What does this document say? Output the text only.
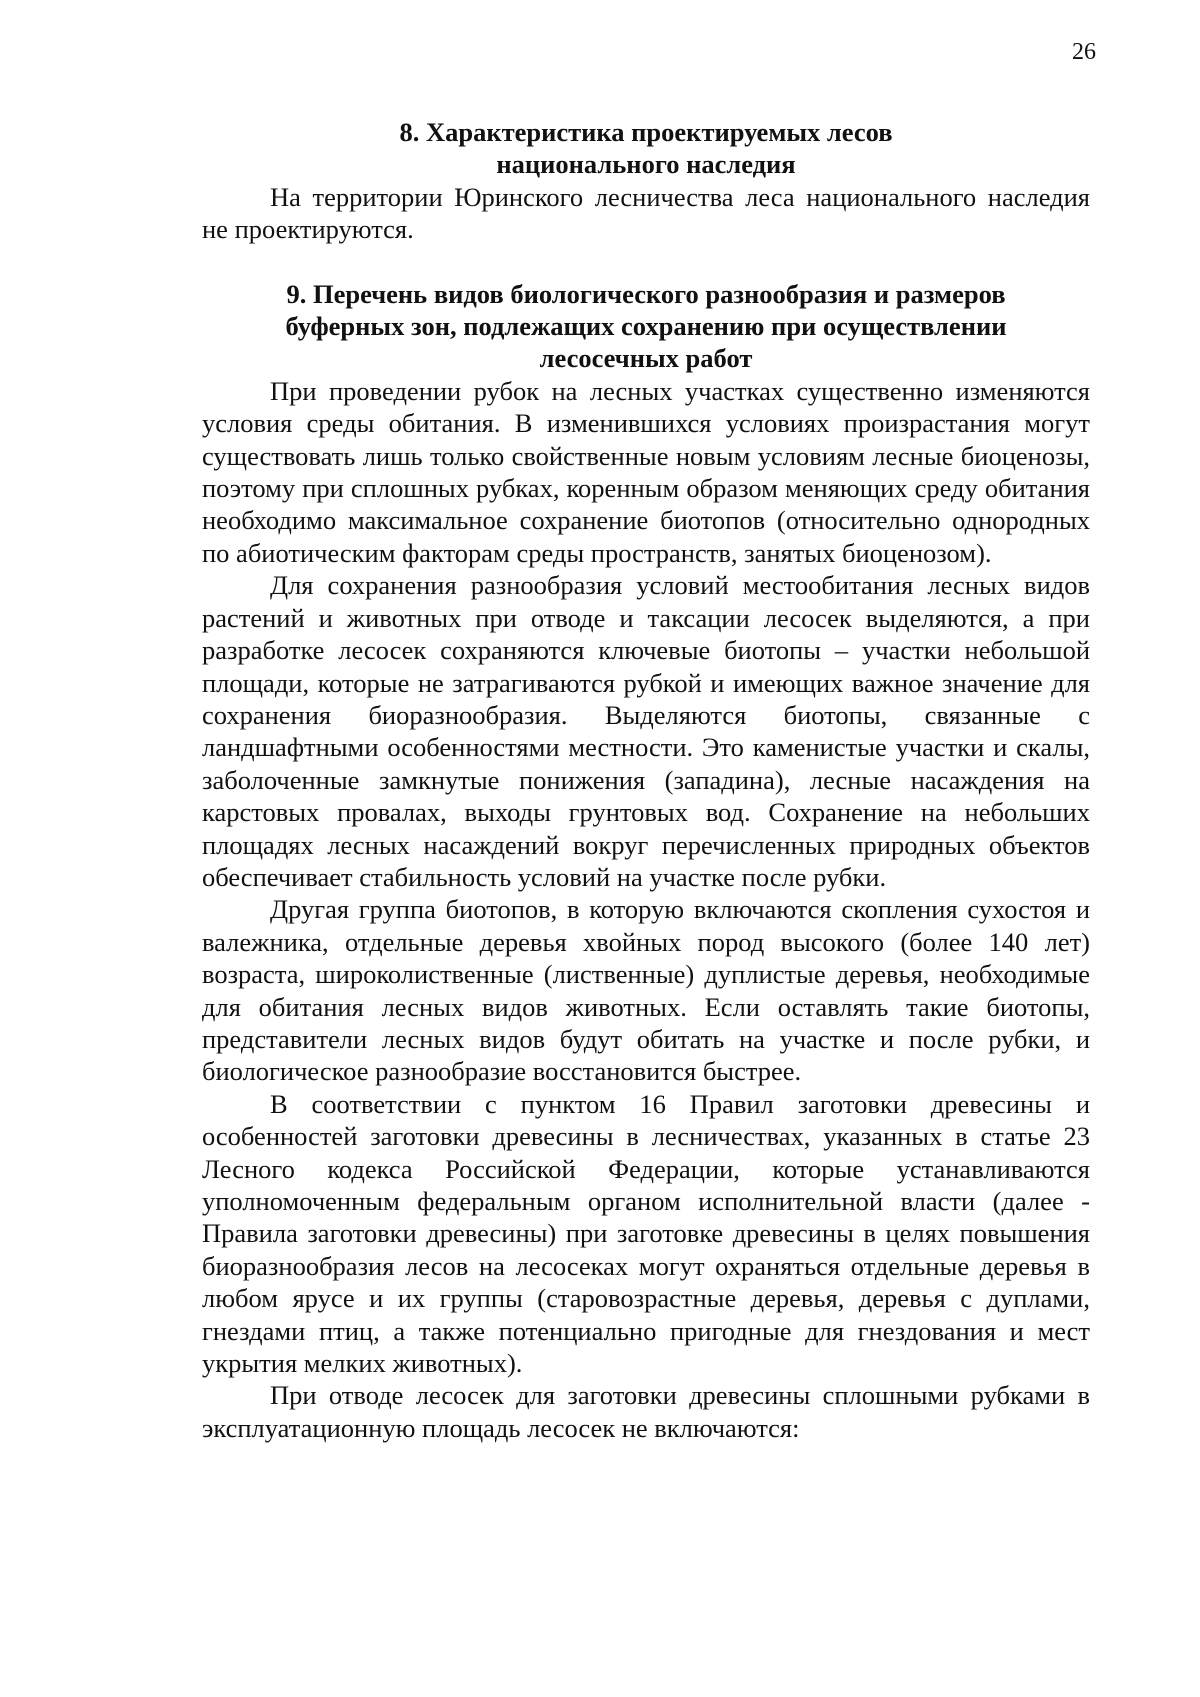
26
8. Характеристика проектируемых лесов
национального наследия

На территории Юринского лесничества леса национального наследия не проектируются.

9. Перечень видов биологического разнообразия и размеров
буферных зон, подлежащих сохранению при осуществлении
лесосечных работ

При проведении рубок на лесных участках существенно изменяются условия среды обитания. В изменившихся условиях произрастания могут существовать лишь только свойственные новым условиям лесные биоценозы, поэтому при сплошных рубках, коренным образом меняющих среду обитания необходимо максимальное сохранение биотопов (относительно однородных по абиотическим факторам среды пространств, занятых биоценозом).

Для сохранения разнообразия условий местообитания лесных видов растений и животных при отводе и таксации лесосек выделяются, а при разработке лесосек сохраняются ключевые биотопы – участки небольшой площади, которые не затрагиваются рубкой и имеющих важное значение для сохранения биоразнообразия. Выделяются биотопы, связанные с ландшафтными особенностями местности. Это каменистые участки и скалы, заболоченные замкнутые понижения (западина), лесные насаждения на карстовых провалах, выходы грунтовых вод. Сохранение на небольших площадях лесных насаждений вокруг перечисленных природных объектов обеспечивает стабильность условий на участке после рубки.

Другая группа биотопов, в которую включаются скопления сухостоя и валежника, отдельные деревья хвойных пород высокого (более 140 лет) возраста, широколиственные (лиственные) дуплистые деревья, необходимые для обитания лесных видов животных. Если оставлять такие биотопы, представители лесных видов будут обитать на участке и после рубки, и биологическое разнообразие восстановится быстрее.

В соответствии с пунктом 16 Правил заготовки древесины и особенностей заготовки древесины в лесничествах, указанных в статье 23 Лесного кодекса Российской Федерации, которые устанавливаются уполномоченным федеральным органом исполнительной власти (далее - Правила заготовки древесины) при заготовке древесины в целях повышения биоразнообразия лесов на лесосеках могут охраняться отдельные деревья в любом ярусе и их группы (старовозрастные деревья, деревья с дуплами, гнездами птиц, а также потенциально пригодные для гнездования и мест укрытия мелких животных).

При отводе лесосек для заготовки древесины сплошными рубками в эксплуатационную площадь лесосек не включаются:
